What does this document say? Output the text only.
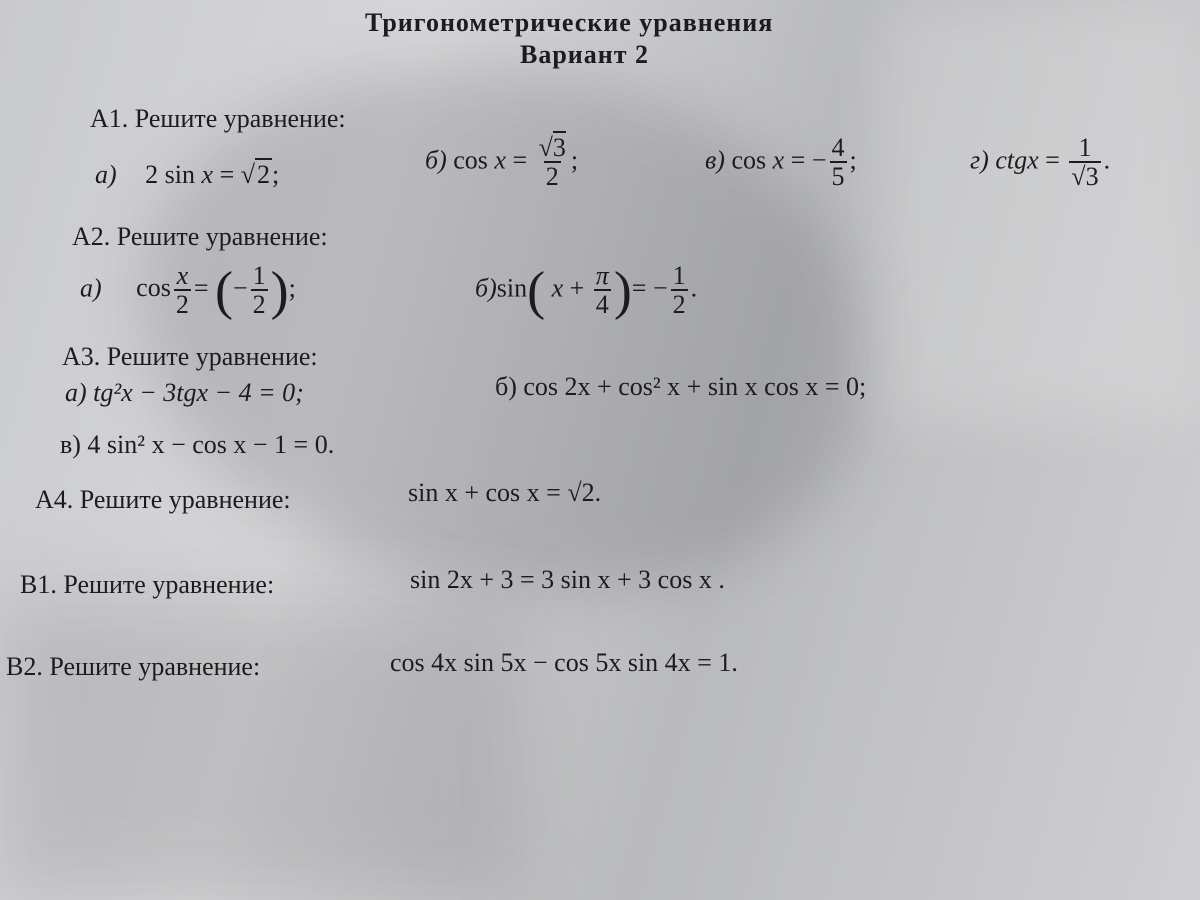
Тригонометрические уравнения
Вариант 2
А1. Решите уравнение:
а) 2 sin x = √2;
б) $\cos x = \frac{√3}{2}$ ;	в) cos x = − $\frac{4}{5}$ ;	г) ctgx = $\frac{1}{√3}$ .
А2. Решите уравнение:
а) $\cos \frac{x}{2}$ = (− $\frac{1}{2}$ );	б)sin( $x + \frac{\pi}{4}$ )= − $\frac{1}{2}$ .
А3. Решите уравнение:
а) tg²x − 3tgx − 4 = 0;	б) cos 2x + cos² x + sin x cos x = 0;
в) 4 sin² x − cos x − 1 = 0.
А4. Решите уравнение:	sin x + cos x = √2.
В1. Решите уравнение:	sin 2x + 3 = 3 sin x + 3 cos x .
В2. Решите уравнение:	cos 4x sin 5x − cos 5x sin 4x = 1.
